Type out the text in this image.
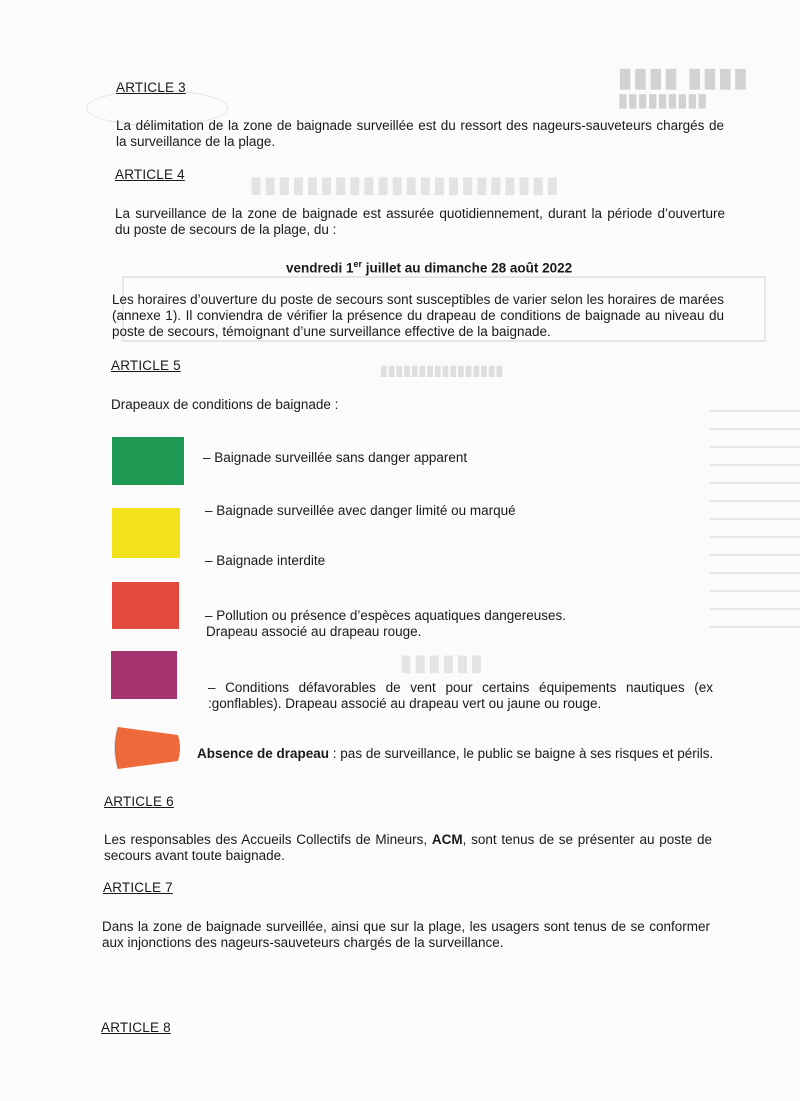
▮▮▮▮ ▮▮▮▮
▮▮▮▮▮▮▮▮▮
▮▮▮▮▮▮▮▮▮▮▮▮▮▮▮▮▮▮▮▮▮▮
▮▮▮▮▮▮▮▮▮▮▮▮▮▮▮▮
▮▮▮▮▮▮
ARTICLE 3
La délimitation de la zone de baignade surveillée est du ressort des nageurs-sauveteurs chargés de la surveillance de la plage.
ARTICLE 4
La surveillance de la zone de baignade est assurée quotidiennement, durant la période d’ouverture du poste de secours de la plage, du :
vendredi 1er juillet au dimanche 28 août 2022
Les horaires d’ouverture du poste de secours sont susceptibles de varier selon les horaires de marées (annexe 1). Il conviendra de vérifier la présence du drapeau de conditions de baignade au niveau du poste de secours, témoignant d’une surveillance effective de la baignade.
ARTICLE 5
Drapeaux de conditions de baignade :
– Baignade surveillée sans danger apparent
– Baignade surveillée avec danger limité ou marqué
– Baignade interdite
– Pollution ou présence d’espèces aquatiques dangereuses.
Drapeau associé au drapeau rouge.
– Conditions défavorables de vent pour certains équipements nautiques (ex :gonflables). Drapeau associé au drapeau vert ou jaune ou rouge.
Absence de drapeau : pas de surveillance, le public se baigne à ses risques et périls.
ARTICLE 6
Les responsables des Accueils Collectifs de Mineurs, ACM, sont tenus de se présenter au poste de secours avant toute baignade.
ARTICLE 7
Dans la zone de baignade surveillée, ainsi que sur la plage, les usagers sont tenus de se conformer aux injonctions des nageurs-sauveteurs chargés de la surveillance.
ARTICLE 8
